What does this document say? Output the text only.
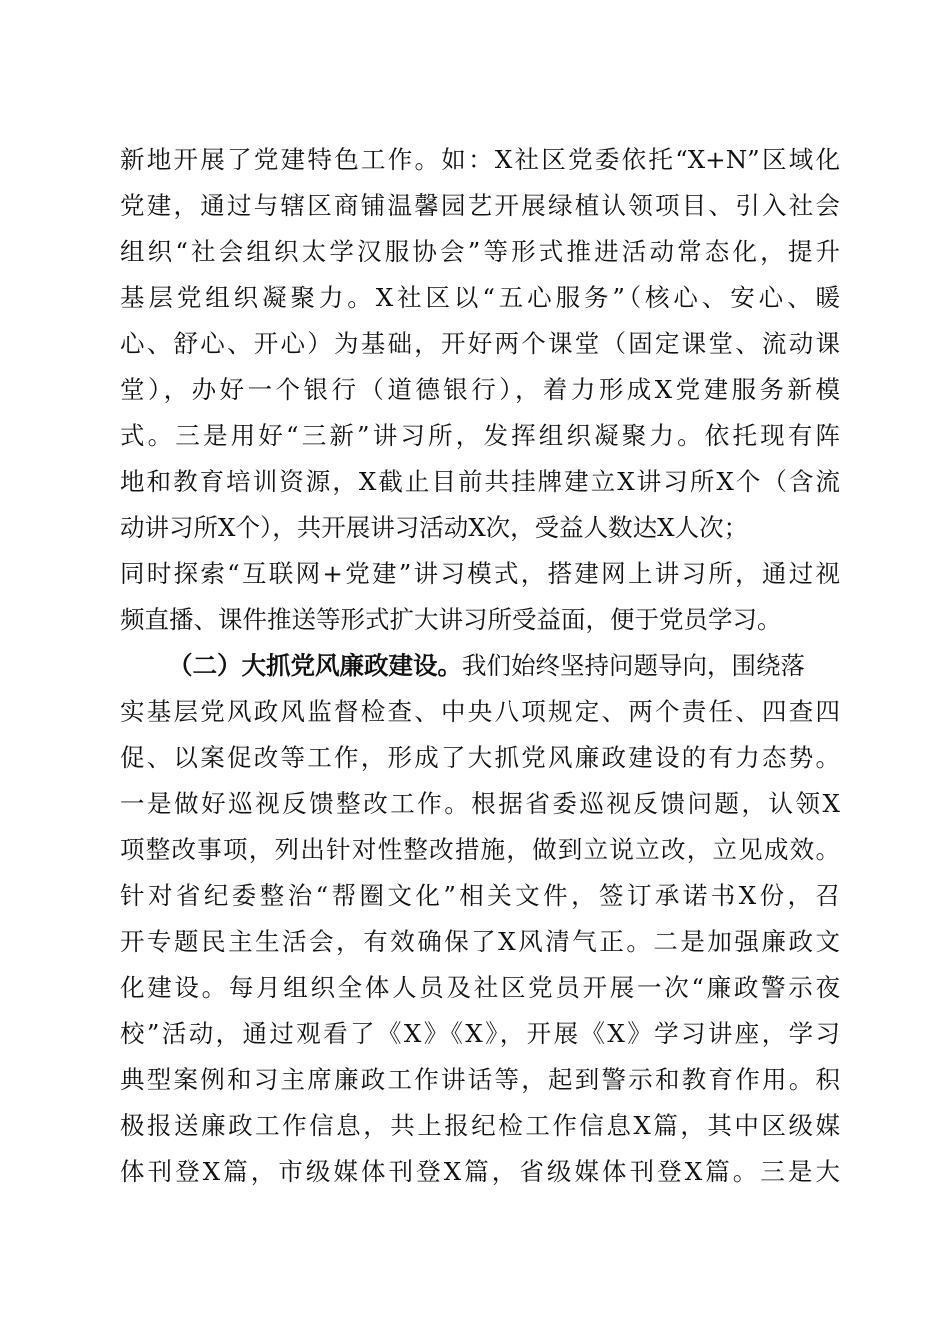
新地开展了党建特色工作。如：X社区党委依托“X+N”区域化
党建，通过与辖区商铺温馨园艺开展绿植认领项目、引入社会
组织“社会组织太学汉服协会”等形式推进活动常态化，提升
基层党组织凝聚力。X社区以“五心服务”（核心、安心、暖
心、舒心、开心）为基础，开好两个课堂（固定课堂、流动课
堂），办好一个银行（道德银行），着力形成X党建服务新模
式。三是用好“三新”讲习所，发挥组织凝聚力。依托现有阵
地和教育培训资源，X截止目前共挂牌建立X讲习所X个（含流
动讲习所X个），共开展讲习活动X次，受益人数达X人次；
同时探索“互联网+党建”讲习模式，搭建网上讲习所，通过视
频直播、课件推送等形式扩大讲习所受益面，便于党员学习。
（二）大抓党风廉政建设。我们始终坚持问题导向，围绕落
实基层党风政风监督检查、中央八项规定、两个责任、四查四
促、以案促改等工作，形成了大抓党风廉政建设的有力态势。
一是做好巡视反馈整改工作。根据省委巡视反馈问题，认领X
项整改事项，列出针对性整改措施，做到立说立改，立见成效。
针对省纪委整治“帮圈文化”相关文件，签订承诺书X份，召
开专题民主生活会，有效确保了X风清气正。二是加强廉政文
化建设。每月组织全体人员及社区党员开展一次“廉政警示夜
校”活动，通过观看了《X》《X》，开展《X》学习讲座，学习
典型案例和习主席廉政工作讲话等，起到警示和教育作用。积
极报送廉政工作信息，共上报纪检工作信息X篇，其中区级媒
体刊登X篇，市级媒体刊登X篇，省级媒体刊登X篇。三是大
